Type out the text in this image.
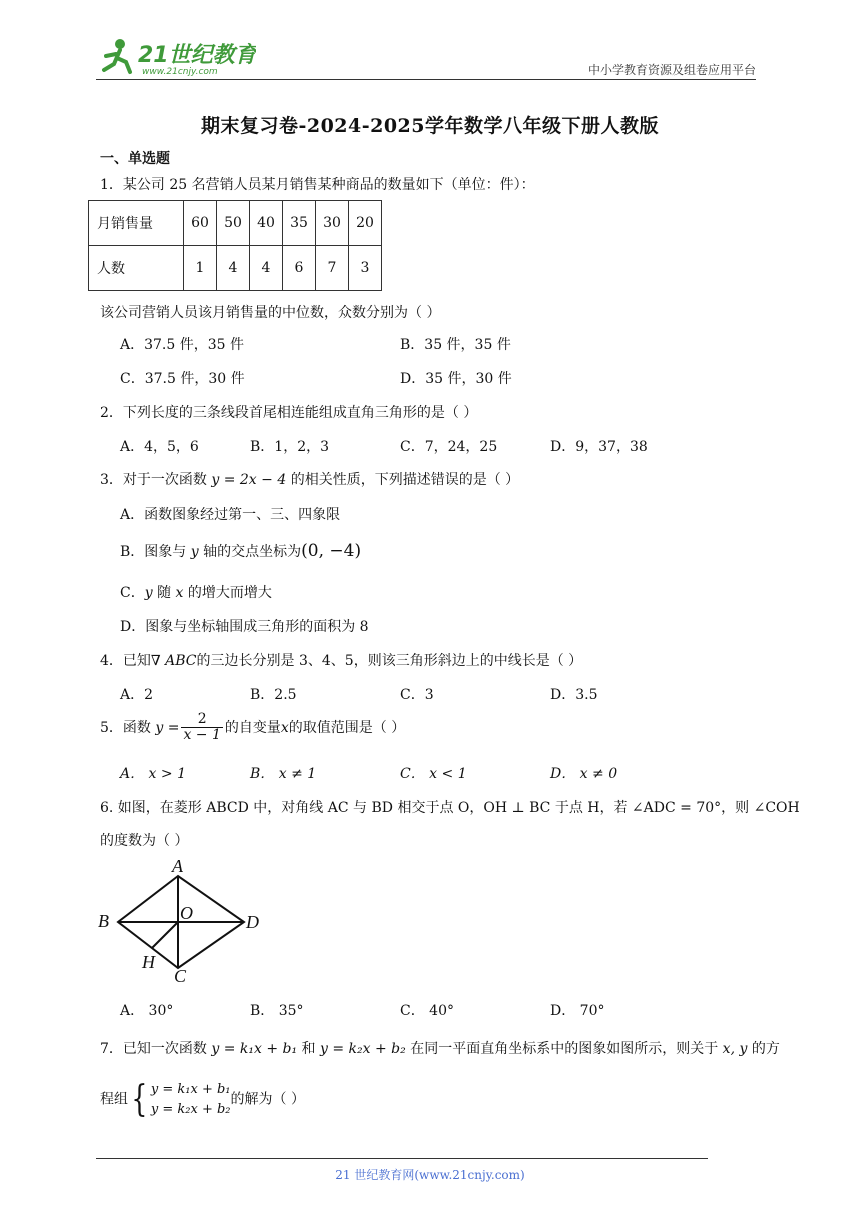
21世纪教育
www.21cnjy.com	中小学教育资源及组卷应用平台
期末复习卷-2024-2025学年数学八年级下册人教版
一、单选题
1．某公司 25 名营销人员某月销售某种商品的数量如下（单位：件）：
月销售量	60	50	40	35	30	20
人数	1	4	4	6	7	3
该公司营销人员该月销售量的中位数，众数分别为（ ）
A．37.5 件，35 件	B．35 件，35 件
C．37.5 件，30 件	D．35 件，30 件
2．下列长度的三条线段首尾相连能组成直角三角形的是（ ）
A．4，5，6	B．1，2，3	C．7，24，25	D．9，37，38
3．对于一次函数 y = 2x − 4 的相关性质，下列描述错误的是（ ）
A．函数图象经过第一、三、四象限
B．图象与 y 轴的交点坐标为(0, −4)
C．y 随 x 的增大而增大
D．图象与坐标轴围成三角形的面积为 8
4．已知∇ ABC的三边长分别是 3、4、5，则该三角形斜边上的中线长是（ ）
A．2	B．2.5	C．3	D．3.5
5．函数 $y = \frac{2}{x - 1}$ 的自变量x的取值范围是（ ）
A． x > 1	B． x ≠ 1	C． x < 1	D． x ≠ 0
6. 如图，在菱形 ABCD 中，对角线 AC 与 BD 相交于点 O，OH ⊥ BC 于点 H，若 ∠ADC = 70°，则 ∠COH
的度数为（ ）
A
B
C
D
O
H
A． 30°	B． 35°	C． 40°	D． 70°
7．已知一次函数 y = k₁x + b₁ 和 y = k₂x + b₂ 在同一平面直角坐标系中的图象如图所示，则关于 x, y 的方
程组{ y = k₁x + b₁
y = k₂x + b₂
的解为（ ）
21 世纪教育网(www.21cnjy.com)
